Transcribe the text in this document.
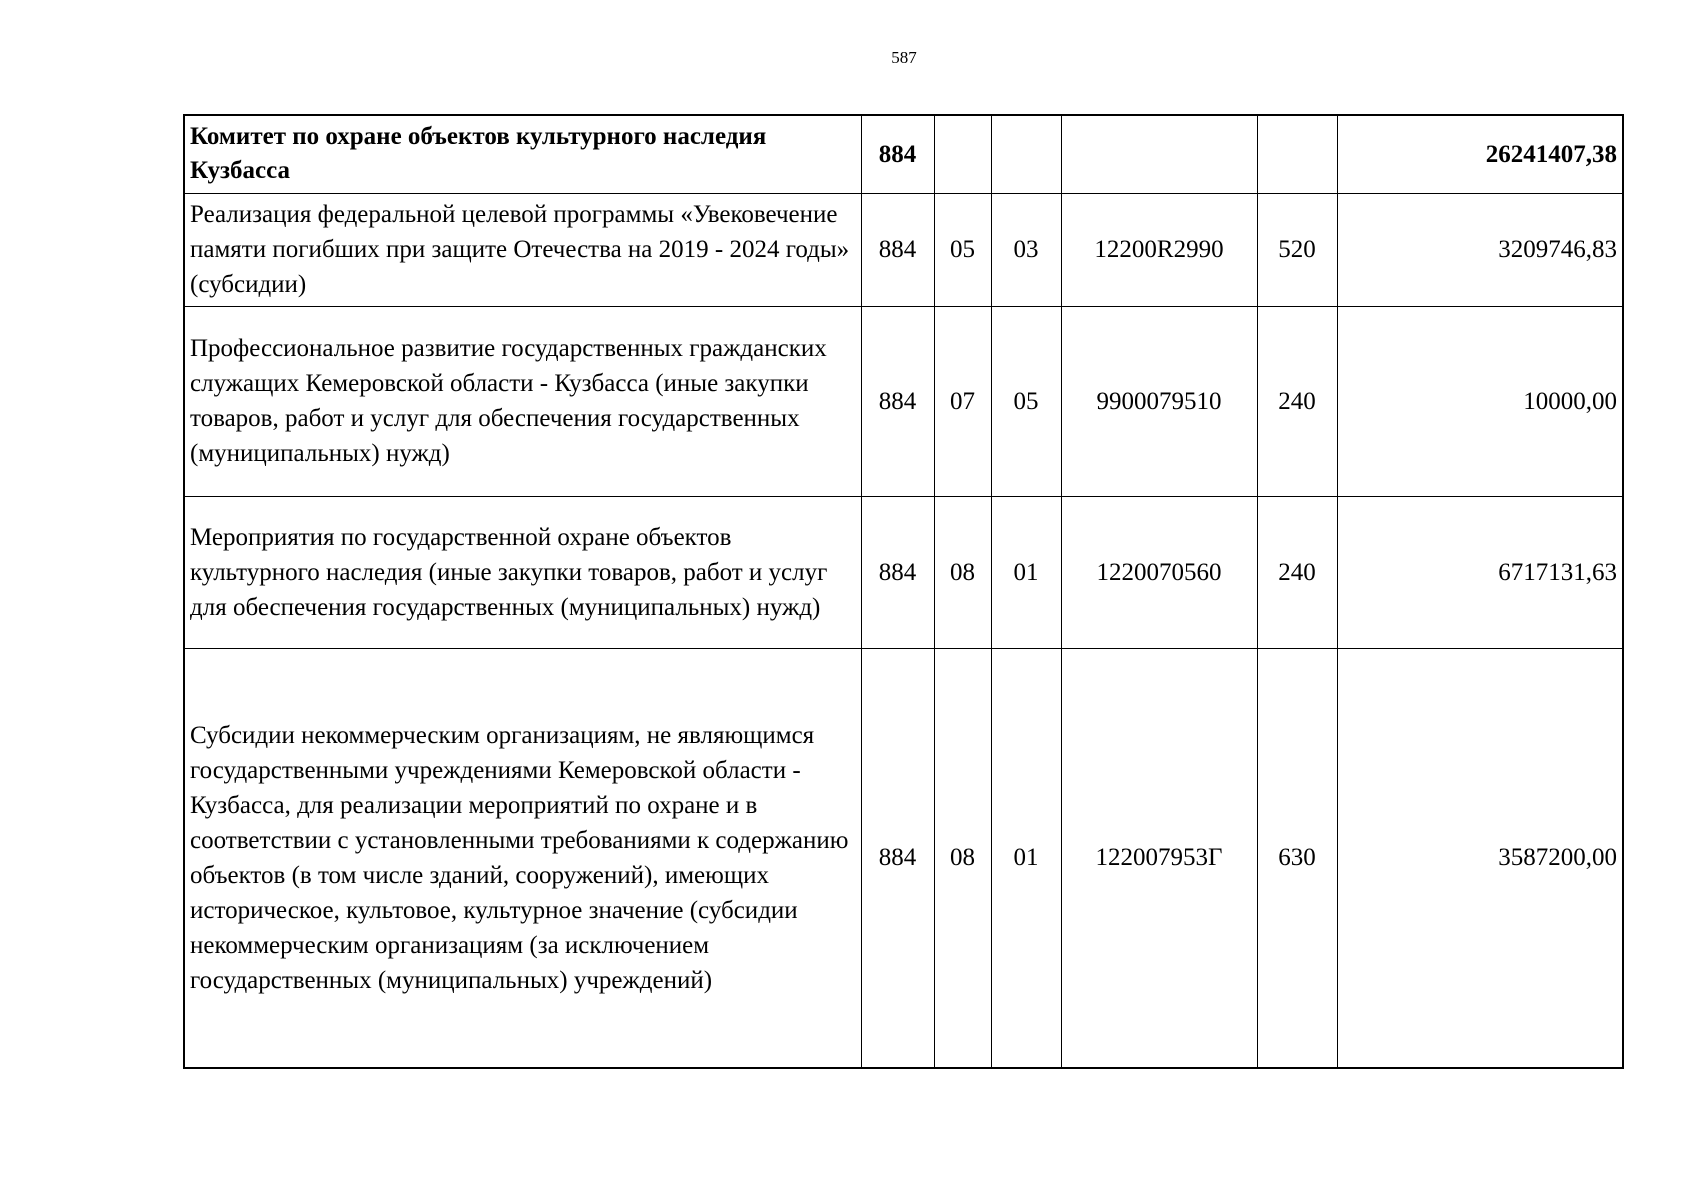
587
Комитет по охране объектов культурного наследия Кузбасса	884					26241407,38
Реализация федеральной целевой программы «Увековечение памяти погибших при защите Отечества на 2019 - 2024 годы» (субсидии)	884	05	03	12200R2990	520	3209746,83
Профессиональное развитие государственных гражданских служащих Кемеровской области - Кузбасса (иные закупки товаров, работ и услуг для обеспечения государственных (муниципальных) нужд)	884	07	05	9900079510	240	10000,00
Мероприятия по государственной охране объектов культурного наследия (иные закупки товаров, работ и услуг для обеспечения государственных (муниципальных) нужд)	884	08	01	1220070560	240	6717131,63
Субсидии некоммерческим организациям, не являющимся государственными учреждениями Кемеровской области - Кузбасса, для реализации мероприятий по охране и в соответствии с установленными требованиями к содержанию объектов (в том числе зданий, сооружений), имеющих историческое, культовое, культурное значение (субсидии некоммерческим организациям (за исключением государственных (муниципальных) учреждений)	884	08	01	122007953Г	630	3587200,00
